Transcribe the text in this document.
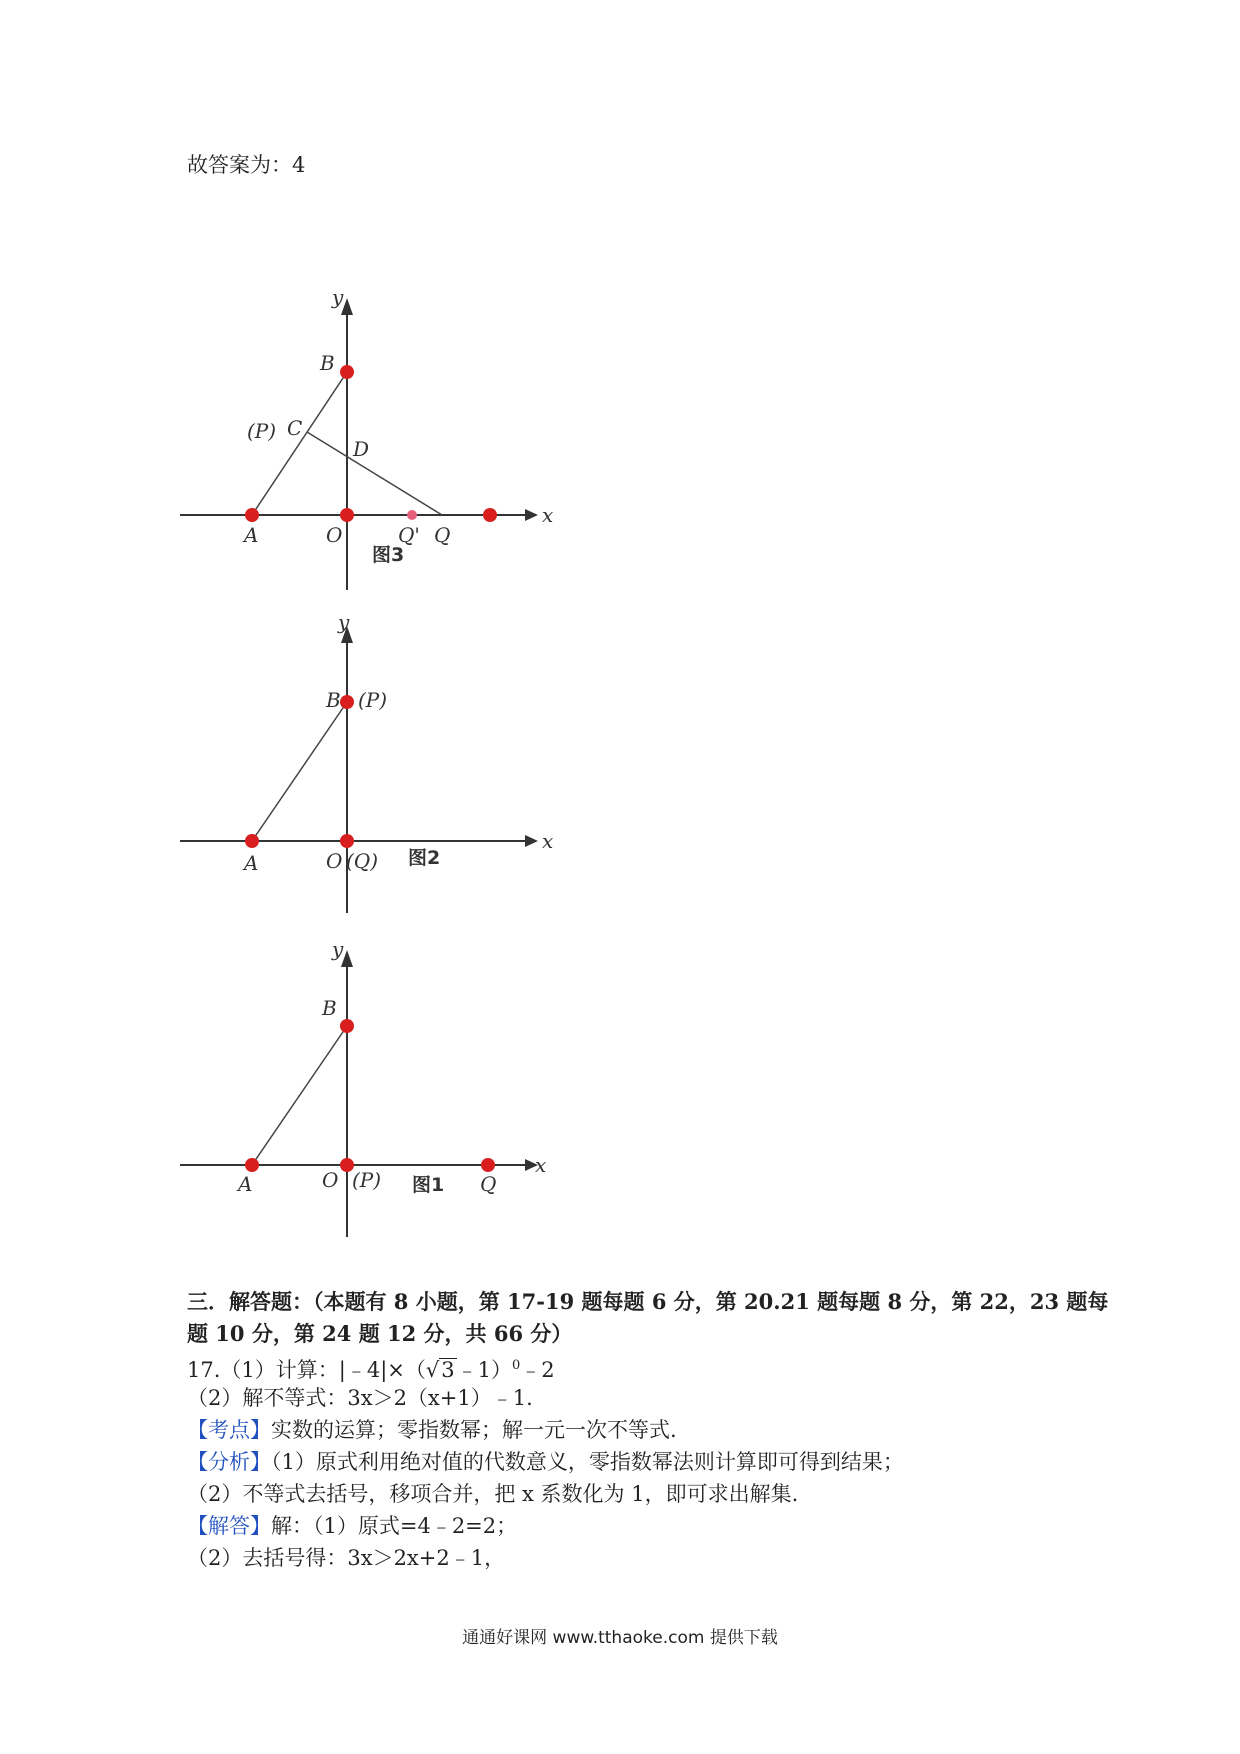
故答案为：4
y
x
B
C
(P)
D
A	O	Q' Q
图3
y
x
B (P)
A	O (Q) 图2
y
x
B
A	O (P) 图1 Q
三．解答题：（本题有 8 小题，第 17-19 题每题 6 分，第 20.21 题每题 8 分，第 22，23 题每
题 10 分，第 24 题 12 分，共 66 分）
17.（1）计算：|﹣4|×（√3﹣1）$^0$﹣2
（2）解不等式：3x＞2（x+1）﹣1.
【考点】实数的运算；零指数幂；解一元一次不等式.
【分析】（1）原式利用绝对值的代数意义，零指数幂法则计算即可得到结果；
（2）不等式去括号，移项合并，把 x 系数化为 1，即可求出解集.
【解答】解：（1）原式=4﹣2=2；
（2）去括号得：3x＞2x+2﹣1，
通通好课网 www.tthaoke.com 提供下载
